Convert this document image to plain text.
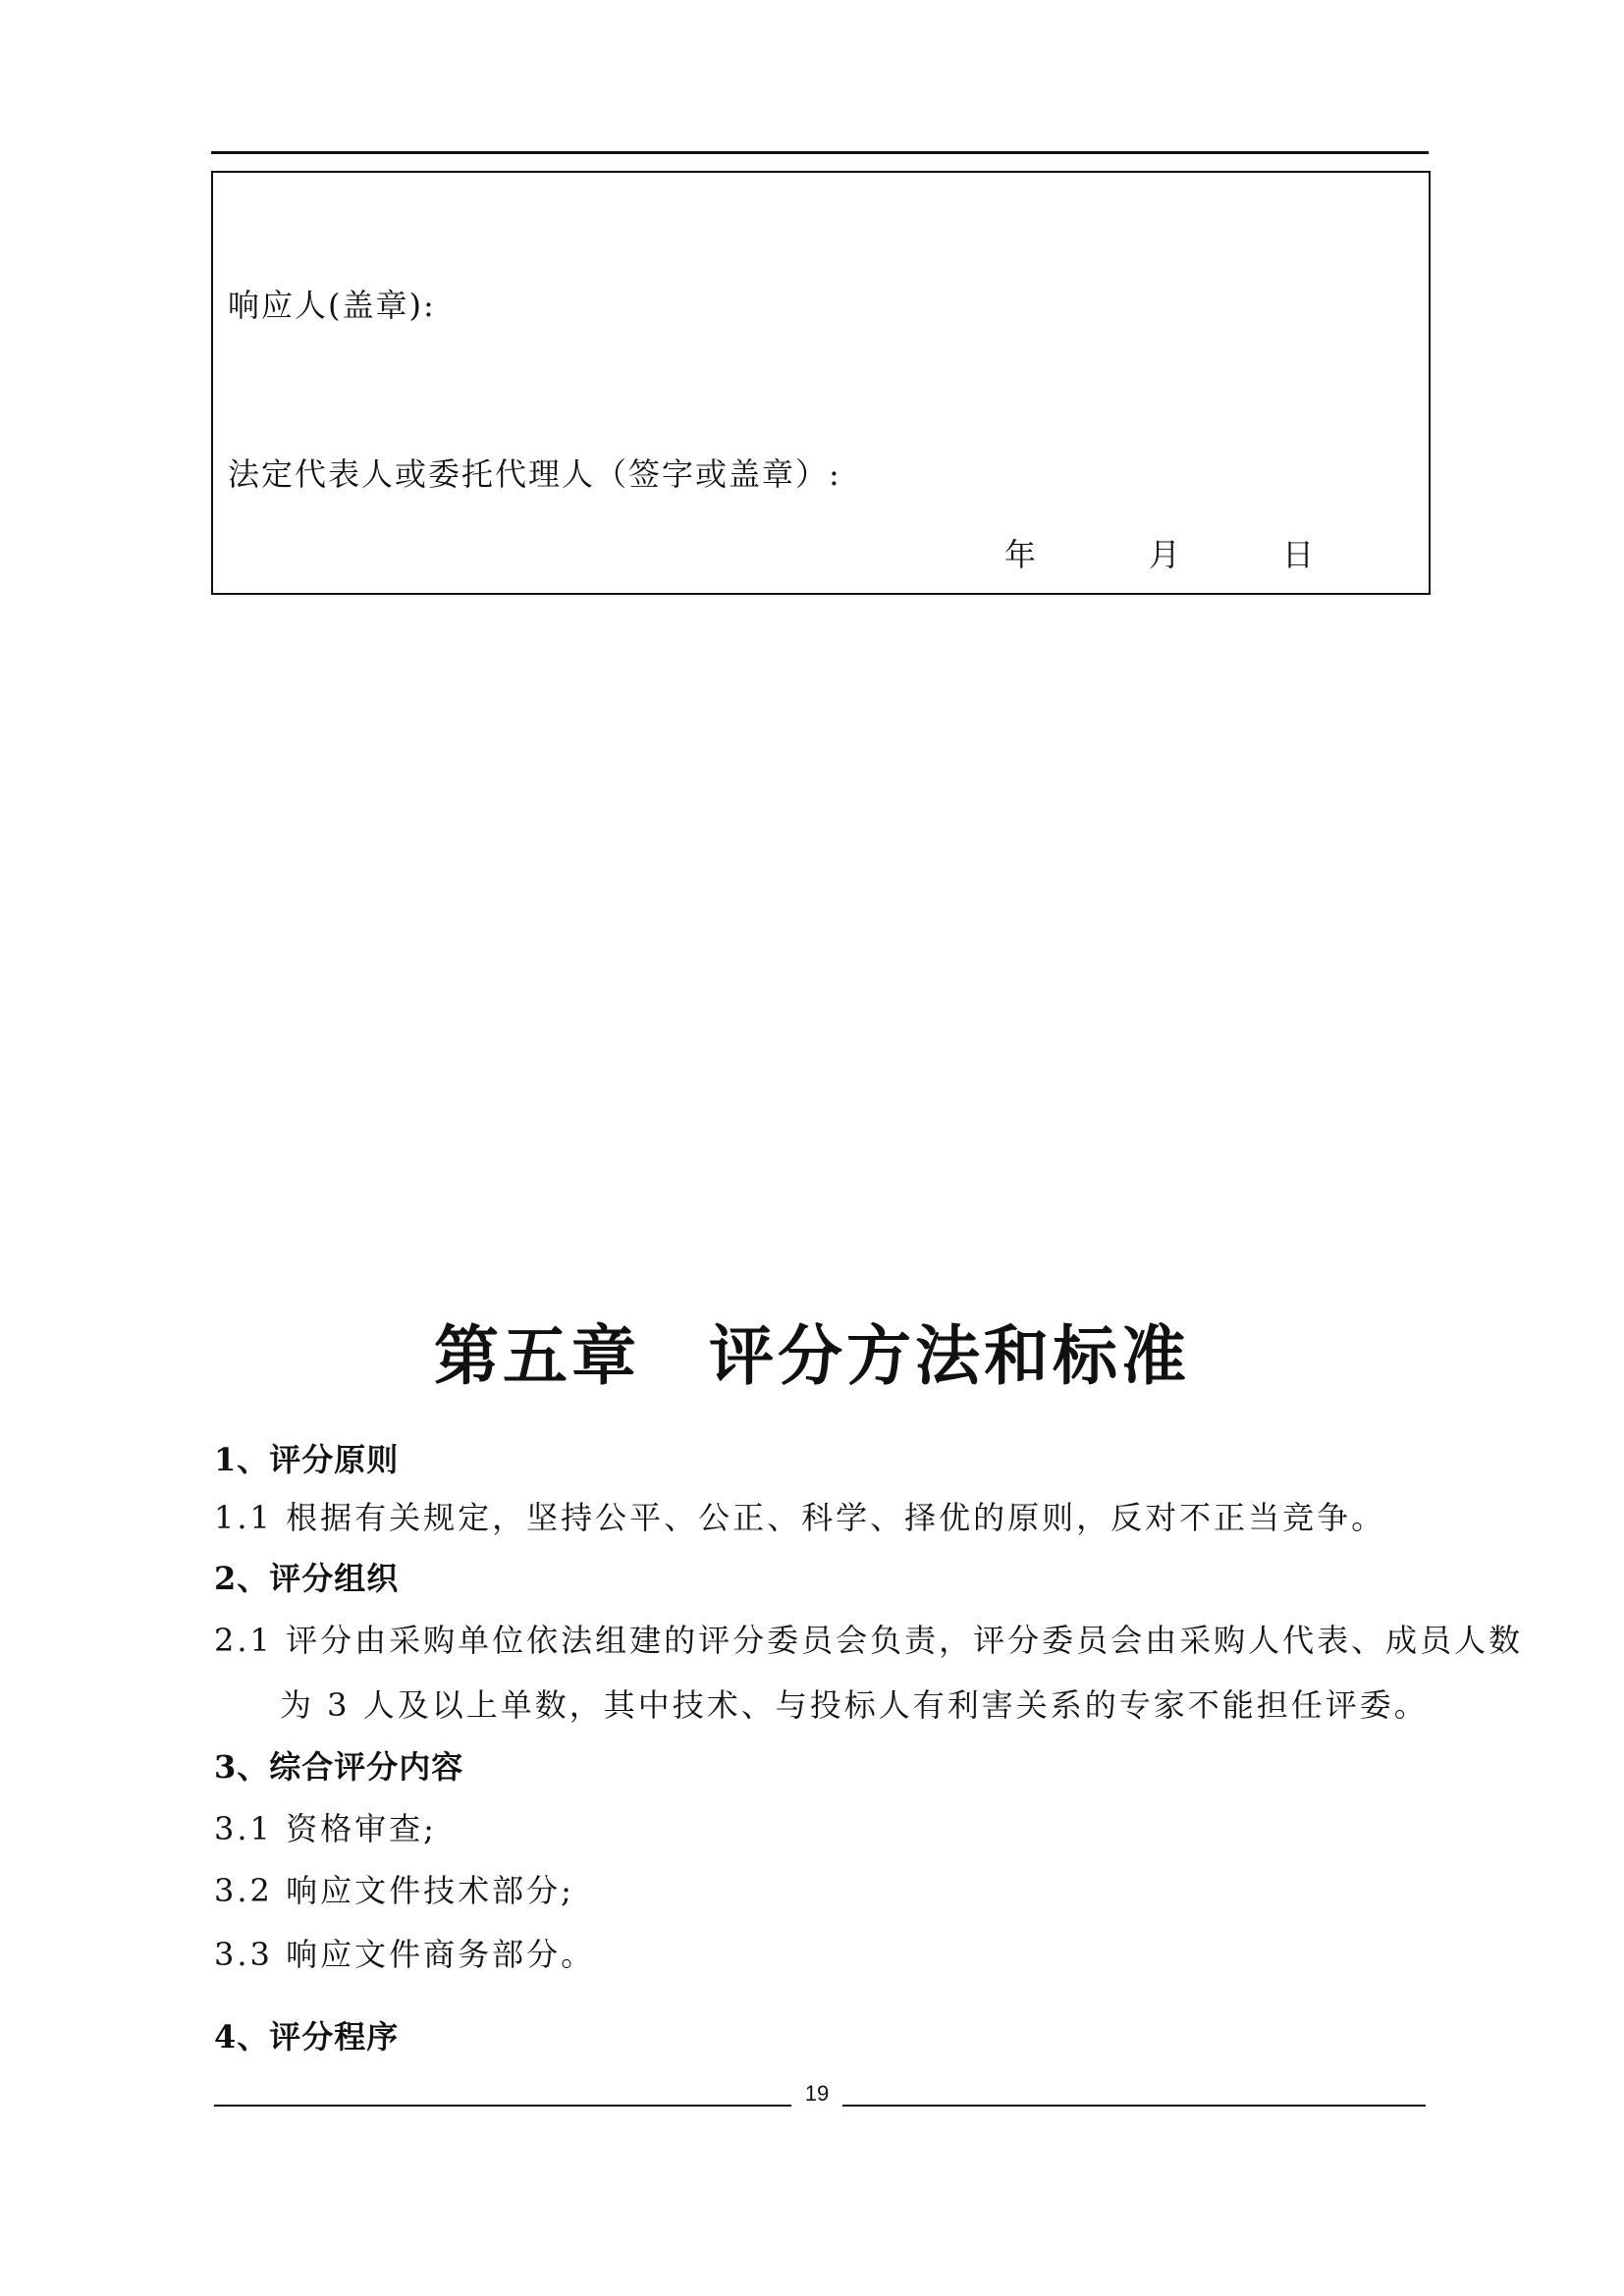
响应人(盖章):
法定代表人或委托代理人（签字或盖章）:
年	月	日
第五章　评分方法和标准
1、评分原则
1.1 根据有关规定，坚持公平、公正、科学、择优的原则，反对不正当竞争。
2、评分组织
2.1 评分由采购单位依法组建的评分委员会负责，评分委员会由采购人代表、成员人数
为 3 人及以上单数，其中技术、与投标人有利害关系的专家不能担任评委。
3、综合评分内容
3.1 资格审查;
3.2 响应文件技术部分;
3.3 响应文件商务部分。
4、评分程序
19
